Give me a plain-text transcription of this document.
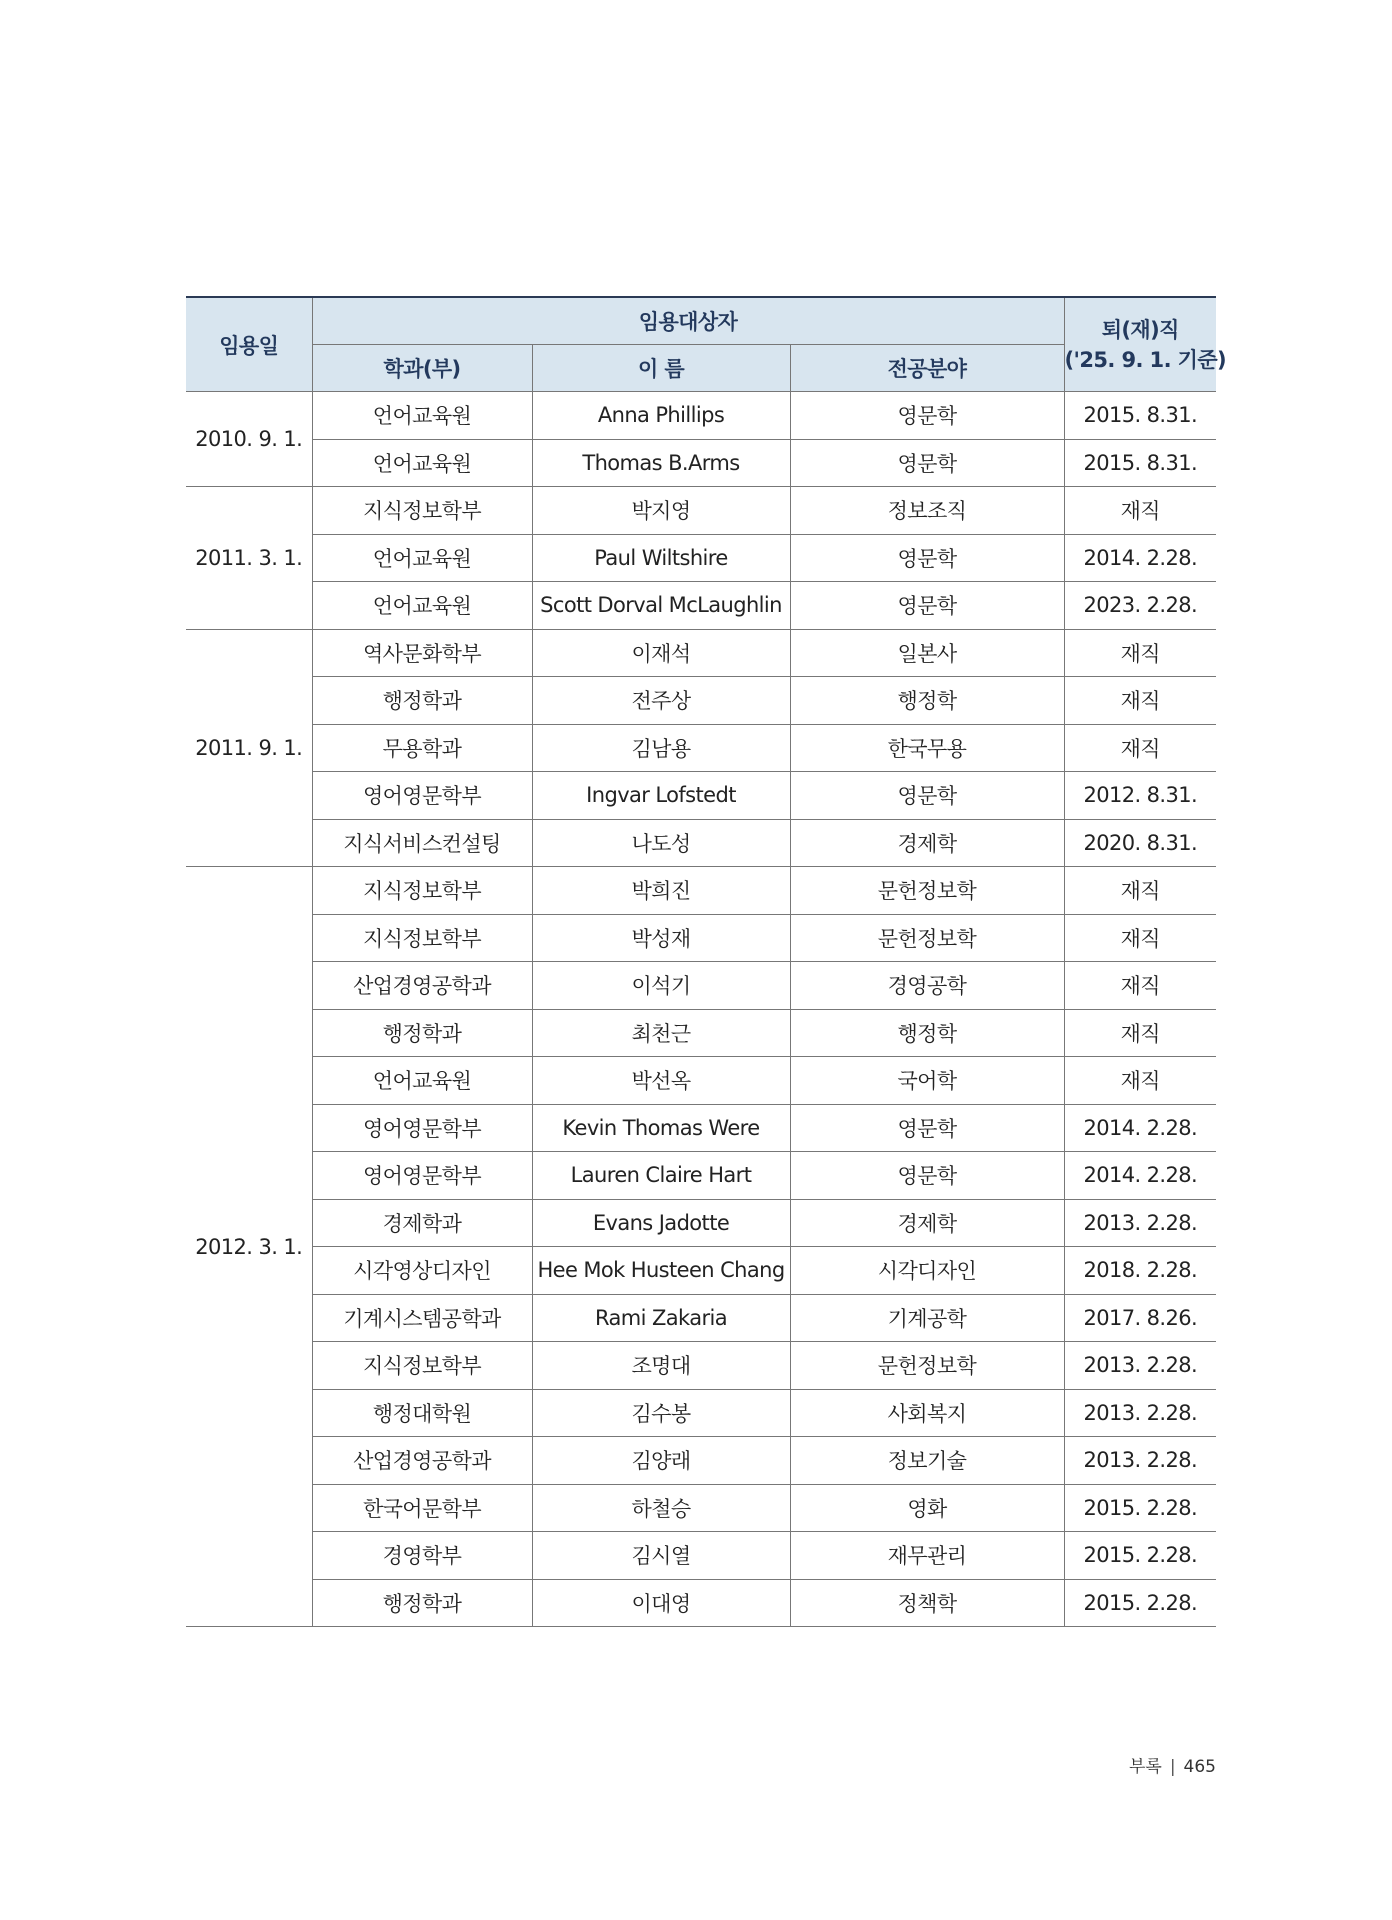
임용일	임용대상자			퇴(재)직
('25. 9. 1. 기준)

	학과(부)	이 름	전공분야	
2010. 9. 1.	언어교육원	Anna Phillips	영문학	2015. 8.31.
	언어교육원	Thomas B.Arms	영문학	2015. 8.31.
2011. 3. 1.	지식정보학부	박지영	정보조직	재직
	언어교육원	Paul Wiltshire	영문학	2014. 2.28.
	언어교육원	Scott Dorval McLaughlin	영문학	2023. 2.28.
2011. 9. 1.	역사문화학부	이재석	일본사	재직
	행정학과	전주상	행정학	재직
	무용학과	김남용	한국무용	재직
	영어영문학부	Ingvar Lofstedt	영문학	2012. 8.31.
	지식서비스컨설팅	나도성	경제학	2020. 8.31.
2012. 3. 1.	지식정보학부	박희진	문헌정보학	재직
	지식정보학부	박성재	문헌정보학	재직
	산업경영공학과	이석기	경영공학	재직
	행정학과	최천근	행정학	재직
	언어교육원	박선옥	국어학	재직
	영어영문학부	Kevin Thomas Were	영문학	2014. 2.28.
	영어영문학부	Lauren Claire Hart	영문학	2014. 2.28.
	경제학과	Evans Jadotte	경제학	2013. 2.28.
	시각영상디자인	Hee Mok Husteen Chang	시각디자인	2018. 2.28.
	기계시스템공학과	Rami Zakaria	기계공학	2017. 8.26.
	지식정보학부	조명대	문헌정보학	2013. 2.28.
	행정대학원	김수봉	사회복지	2013. 2.28.
	산업경영공학과	김양래	정보기술	2013. 2.28.
	한국어문학부	하철승	영화	2015. 2.28.
	경영학부	김시열	재무관리	2015. 2.28.
	행정학과	이대영	정책학	2015. 2.28.
부록 | 465
